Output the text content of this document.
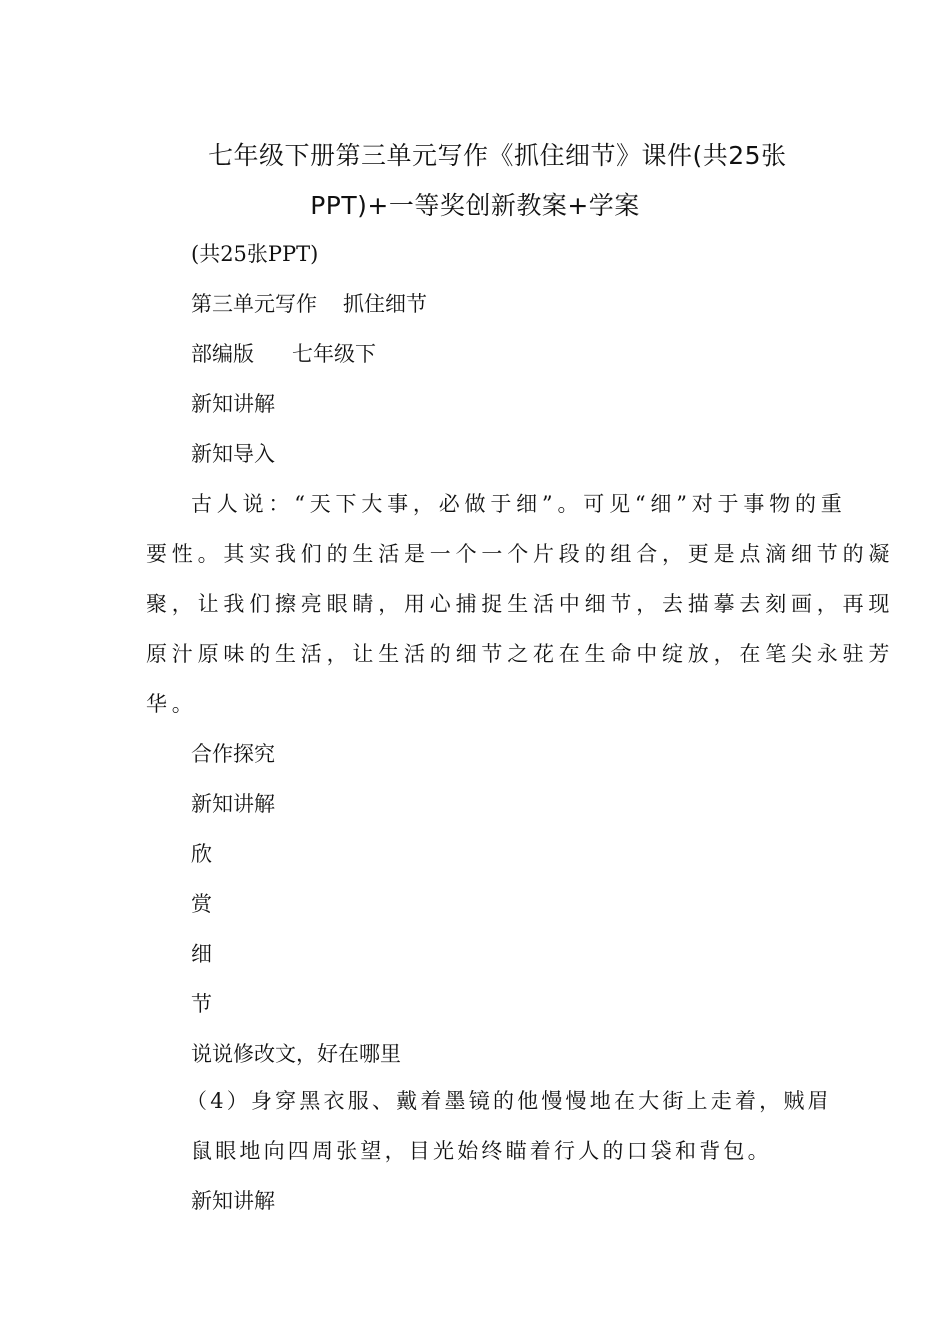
七年级下册第三单元写作《抓住细节》课件(共25张
PPT)+一等奖创新教案+学案
(共25张PPT)
第三单元写作 抓住细节
部编版 七年级下
新知讲解
新知导入
古人说：“天下大事，必做于细”。可见“细”对于事物的重
要性。其实我们的生活是一个一个片段的组合，更是点滴细节的凝
聚，让我们擦亮眼睛，用心捕捉生活中细节，去描摹去刻画，再现
原汁原味的生活，让生活的细节之花在生命中绽放，在笔尖永驻芳
华。
合作探究
新知讲解
欣
赏
细
节
说说修改文，好在哪里
（4）身穿黑衣服、戴着墨镜的他慢慢地在大街上走着，贼眉
鼠眼地向四周张望，目光始终瞄着行人的口袋和背包。
新知讲解
